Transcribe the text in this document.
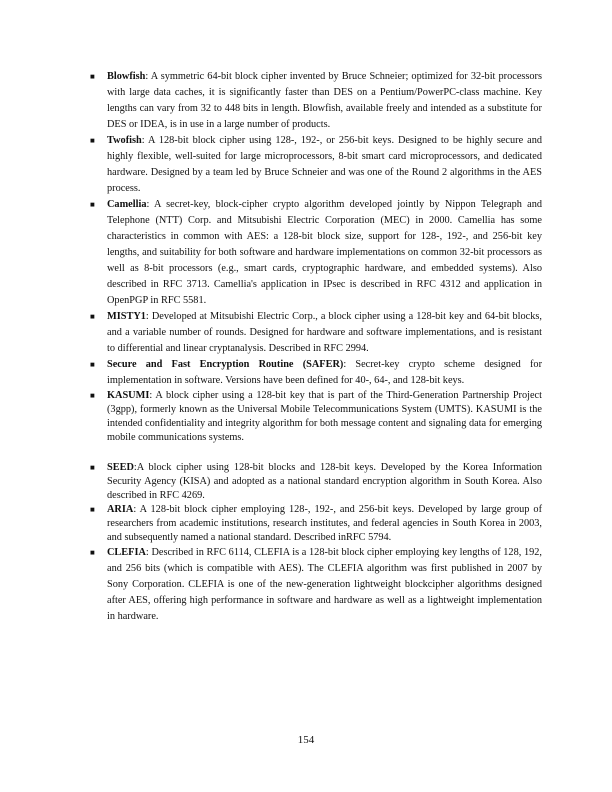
■ Blowfish: A symmetric 64-bit block cipher invented by Bruce Schneier; optimized for 32-bit processors with large data caches, it is significantly faster than DES on a Pentium/PowerPC-class machine. Key lengths can vary from 32 to 448 bits in length. Blowfish, available freely and intended as a substitute for DES or IDEA, is in use in a large number of products.
■ Twofish: A 128-bit block cipher using 128-, 192-, or 256-bit keys. Designed to be highly secure and highly flexible, well-suited for large microprocessors, 8-bit smart card microprocessors, and dedicated hardware. Designed by a team led by Bruce Schneier and was one of the Round 2 algorithms in the AES process.
■ Camellia: A secret-key, block-cipher crypto algorithm developed jointly by Nippon Telegraph and Telephone (NTT) Corp. and Mitsubishi Electric Corporation (MEC) in 2000. Camellia has some characteristics in common with AES: a 128-bit block size, support for 128-, 192-, and 256-bit key lengths, and suitability for both software and hardware implementations on common 32-bit processors as well as 8-bit processors (e.g., smart cards, cryptographic hardware, and embedded systems). Also described in RFC 3713. Camellia's application in IPsec is described in RFC 4312 and application in OpenPGP in RFC 5581.
■ MISTY1: Developed at Mitsubishi Electric Corp., a block cipher using a 128-bit key and 64-bit blocks, and a variable number of rounds. Designed for hardware and software implementations, and is resistant to differential and linear cryptanalysis. Described in RFC 2994.
■ Secure and Fast Encryption Routine (SAFER): Secret-key crypto scheme designed for implementation in software. Versions have been defined for 40-, 64-, and 128-bit keys.
■ KASUMI: A block cipher using a 128-bit key that is part of the Third-Generation Partnership Project (3gpp), formerly known as the Universal Mobile Telecommunications System (UMTS). KASUMI is the intended confidentiality and integrity algorithm for both message content and signaling data for emerging mobile communications systems.
■ SEED:A block cipher using 128-bit blocks and 128-bit keys. Developed by the Korea Information Security Agency (KISA) and adopted as a national standard encryption algorithm in South Korea. Also described in RFC 4269.
■ ARIA: A 128-bit block cipher employing 128-, 192-, and 256-bit keys. Developed by large group of researchers from academic institutions, research institutes, and federal agencies in South Korea in 2003, and subsequently named a national standard. Described inRFC 5794.
■ CLEFIA: Described in RFC 6114, CLEFIA is a 128-bit block cipher employing key lengths of 128, 192, and 256 bits (which is compatible with AES). The CLEFIA algorithm was first published in 2007 by Sony Corporation. CLEFIA is one of the new-generation lightweight blockcipher algorithms designed after AES, offering high performance in software and hardware as well as a lightweight implementation in hardware.
154
